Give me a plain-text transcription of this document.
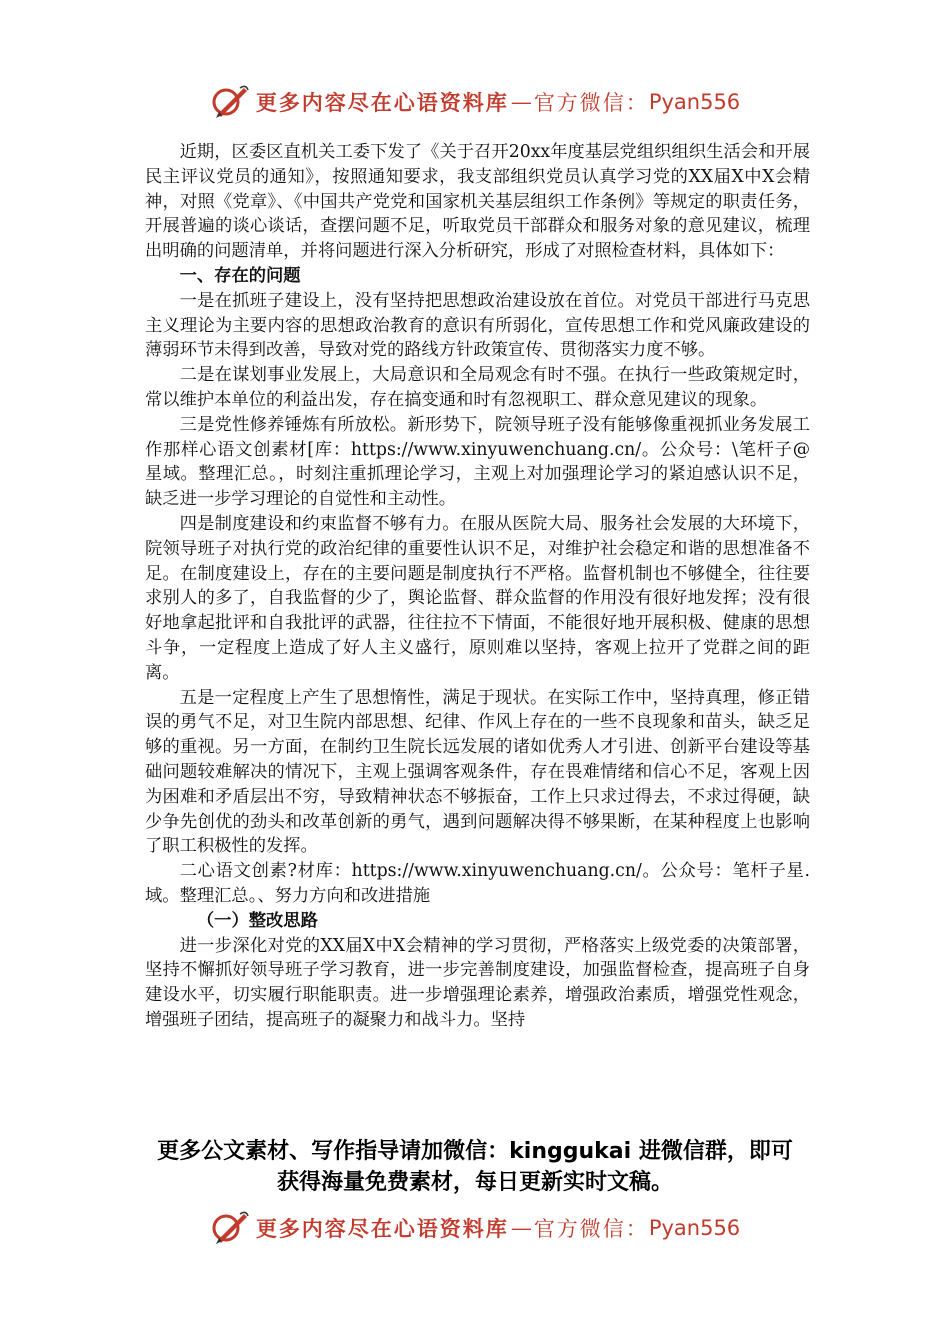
更多内容尽在心语资料库 — 官方微信： Pyan556

近期，区委区直机关工委下发了《关于召开20xx年度基层党组织组织生活会和开展民主评议党员的通知》，按照通知要求，我支部组织党员认真学习党的XX届X中X会精神，对照《党章》、《中国共产党党和国家机关基层组织工作条例》等规定的职责任务，开展普遍的谈心谈话，查摆问题不足，听取党员干部群众和服务对象的意见建议，梳理出明确的问题清单，并将问题进行深入分析研究，形成了对照检查材料，具体如下：

一、存在的问题

一是在抓班子建设上，没有坚持把思想政治建设放在首位。对党员干部进行马克思主义理论为主要内容的思想政治教育的意识有所弱化，宣传思想工作和党风廉政建设的薄弱环节未得到改善，导致对党的路线方针政策宣传、贯彻落实力度不够。

二是在谋划事业发展上，大局意识和全局观念有时不强。在执行一些政策规定时，常以维护本单位的利益出发，存在搞变通和时有忽视职工、群众意见建议的现象。

三是党性修养锤炼有所放松。新形势下，院领导班子没有能够像重视抓业务发展工作那样心语文创素材[库：https://www.xinyuwenchuang.cn/。公众号：\笔杆子@星域。整理汇总。，时刻注重抓理论学习，主观上对加强理论学习的紧迫感认识不足，缺乏进一步学习理论的自觉性和主动性。

四是制度建设和约束监督不够有力。在服从医院大局、服务社会发展的大环境下，院领导班子对执行党的政治纪律的重要性认识不足，对维护社会稳定和谐的思想准备不足。在制度建设上，存在的主要问题是制度执行不严格。监督机制也不够健全，往往要求别人的多了，自我监督的少了，舆论监督、群众监督的作用没有很好地发挥；没有很好地拿起批评和自我批评的武器，往往拉不下情面，不能很好地开展积极、健康的思想斗争，一定程度上造成了好人主义盛行，原则难以坚持，客观上拉开了党群之间的距离。

五是一定程度上产生了思想惰性，满足于现状。在实际工作中，坚持真理，修正错误的勇气不足，对卫生院内部思想、纪律、作风上存在的一些不良现象和苗头，缺乏足够的重视。另一方面，在制约卫生院长远发展的诸如优秀人才引进、创新平台建设等基础问题较难解决的情况下，主观上强调客观条件，存在畏难情绪和信心不足，客观上因为困难和矛盾层出不穷，导致精神状态不够振奋，工作上只求过得去，不求过得硬，缺少争先创优的劲头和改革创新的勇气，遇到问题解决得不够果断，在某种程度上也影响了职工积极性的发挥。

二心语文创素?材库：https://www.xinyuwenchuang.cn/。公众号：笔杆子星.域。整理汇总。、努力方向和改进措施

（一）整改思路

进一步深化对党的XX届X中X会精神的学习贯彻，严格落实上级党委的决策部署，坚持不懈抓好领导班子学习教育，进一步完善制度建设，加强监督检查，提高班子自身建设水平，切实履行职能职责。进一步增强理论素养，增强政治素质，增强党性观念，增强班子团结，提高班子的凝聚力和战斗力。坚持

更多公文素材、写作指导请加微信：kinggukai 进微信群，即可
获得海量免费素材，每日更新实时文稿。
更多内容尽在心语资料库 — 官方微信： Pyan556
